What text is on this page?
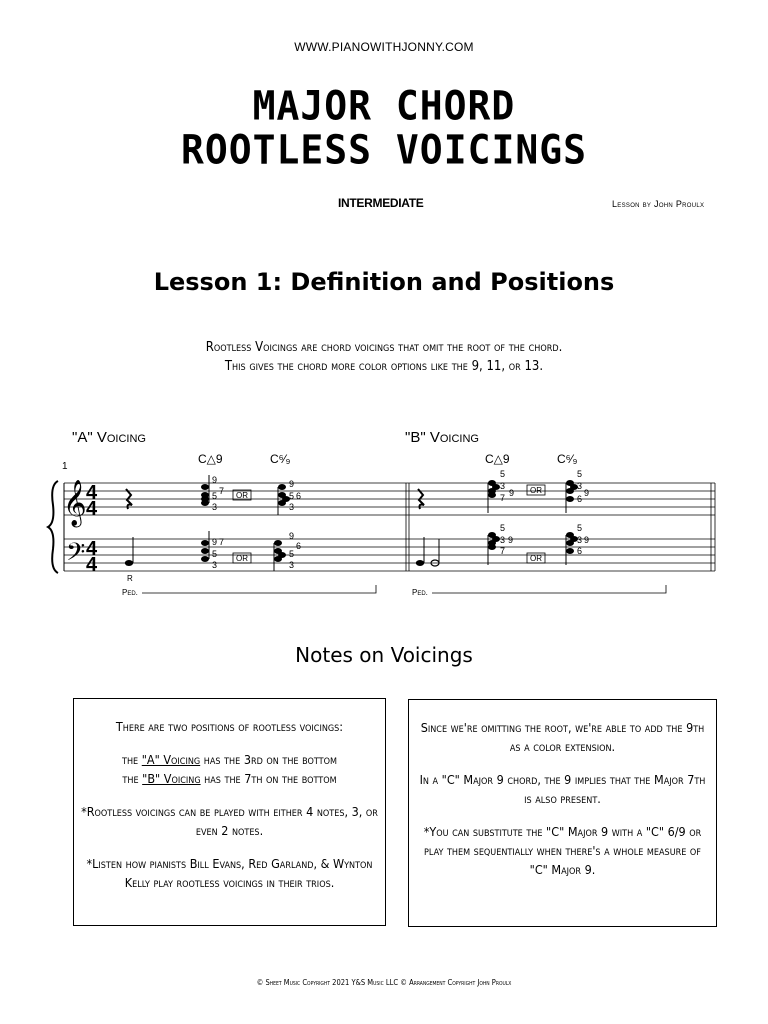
WWW.PIANOWITHJONNY.COM
MAJOR CHORD
ROOTLESS VOICINGS
INTERMEDIATE	Lesson by John Proulx
Lesson 1: Definition and Positions
Rootless Voicings are chord voicings that omit the root of the chord.
This gives the chord more color options like the 9, 11, or 13.
"A" Voicing	"B" Voicing
1
C△9	C⁶⁄₉	C△9	C⁶⁄₉
𝄞
𝄢
4
4
4
4
R
9
5
3
7 OR
9
5
3
6
9
5
3
7
OR
9
5
3
6
Ped.
5
3
7 9 OR
5
3
6
9
5
3
7
9
OR
5
3
6
9
Ped.
Notes on Voicings

There are two positions of rootless voicings:

the "A" Voicing has the 3rd on the bottom
the "B" Voicing has the 7th on the bottom

*Rootless voicings can be played with either 4 notes, 3, or even 2 notes.

*Listen how pianists Bill Evans, Red Garland, & Wynton Kelly play rootless voicings in their trios.

Since we're omitting the root, we're able to add the 9th as a color extension.

In a "C" Major 9 chord, the 9 implies that the Major 7th is also present.

*You can substitute the "C" Major 9 with a "C" 6/9 or play them sequentially when there's a whole measure of "C" Major 9.

© Sheet Music Copyright 2021 Y&S Music LLC © Arrangement Copyright John Proulx
